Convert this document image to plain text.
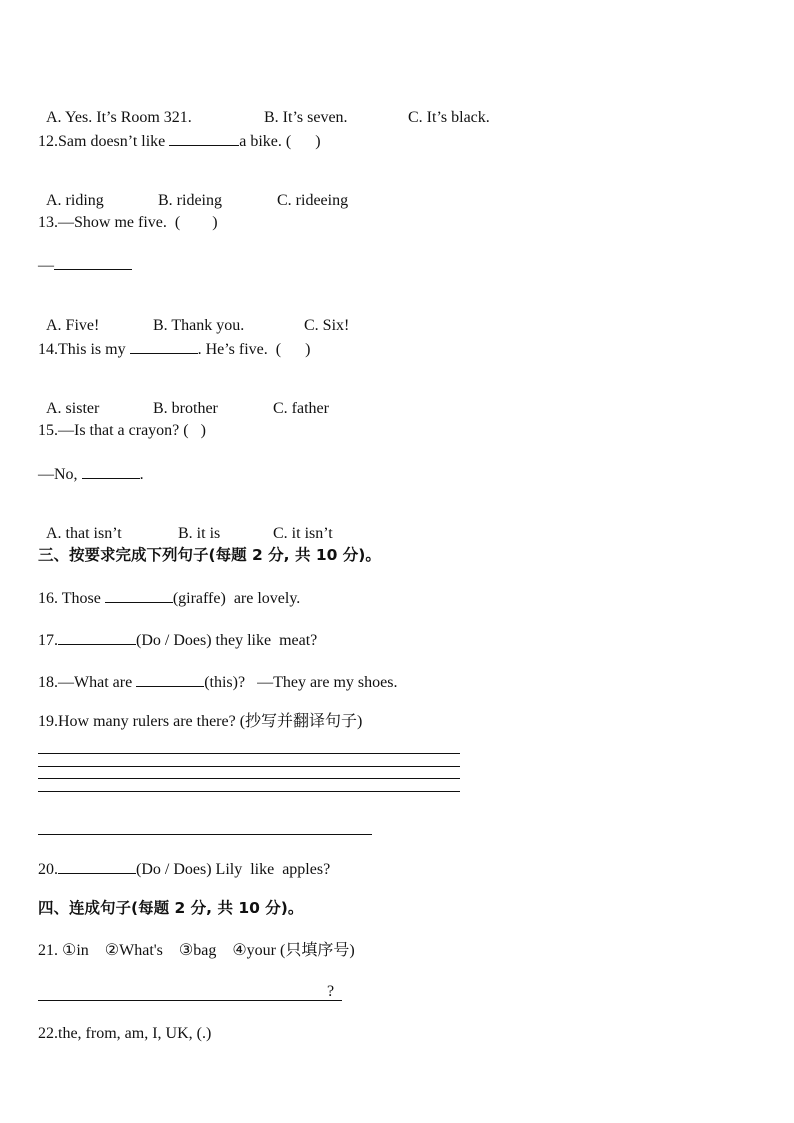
A. Yes. It’s Room 321.	B. It’s seven.	C. It’s black.

12.Sam doesn’t like	a bike. (      )

A. riding	B. rideing	C. rideeing

13.—Show me five.  (        )
—

A. Five!	B. Thank you.	C. Six!

14.This is my	. He’s five.  (      )

A. sister	B. brother	C. father

15.—Is that a crayon? (   )
—No,	.

A. that isn’t	B. it is	C. it isn’t

三、按要求完成下列句子(每题 2 分, 共 10 分)。
16. Those	(giraffe)  are lovely.
17.	(Do / Does) they like  meat?
18.—What are	(this)?   —They are my shoes.
19.How many rulers are there? (抄写并翻译句子)
20.	(Do / Does) Lily  like  apples?
四、连成句子(每题 2 分, 共 10 分)。
21. ①in    ②What's    ③bag    ④your (只填序号)
?
22.the, from, am, I, UK, (.)
